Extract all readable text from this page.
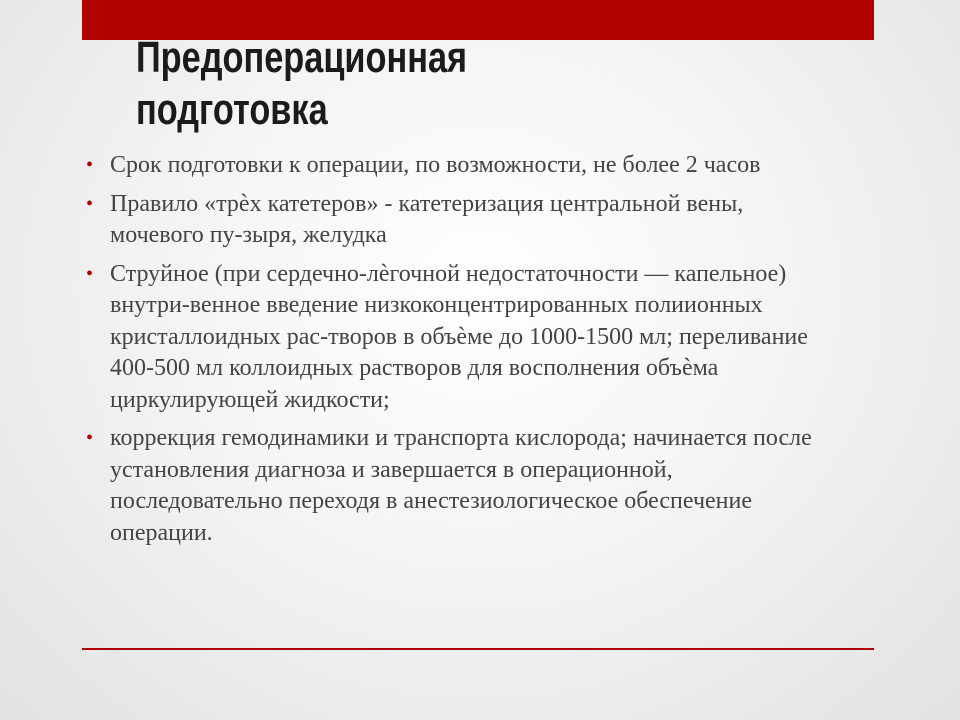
Предоперационная
подготовка
• Срок подготовки к операции, по возможности, не более 2 часов
• Правило «трѐх катетеров» - катетеризация центральной вены, мочевого пу-зыря, желудка
• Струйное (при сердечно-лѐгочной недостаточности — капельное) внутри-венное введение низкоконцентрированных полиионных кристаллоидных рас-творов в объѐме до 1000-1500 мл; переливание 400-500 мл коллоидных растворов для восполнения объѐма циркулирующей жидкости;
• коррекция гемодинамики и транспорта кислорода; начинается после установления диагноза и завершается в операционной, последовательно переходя в анестезиологическое обеспечение операции.
